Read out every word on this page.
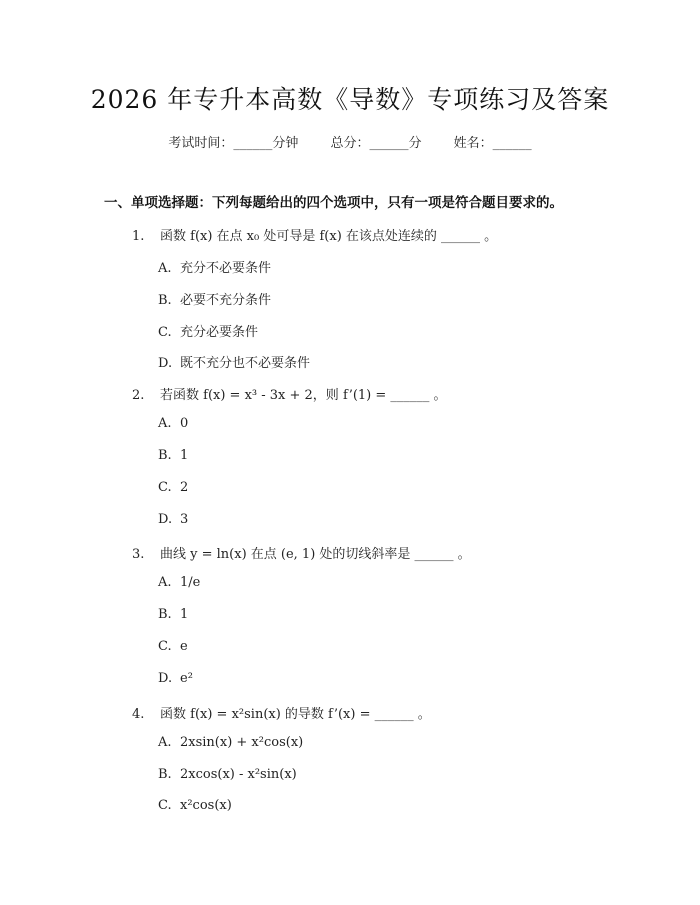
2026 年专升本高数《导数》专项练习及答案
考试时间：______分钟 总分：______分 姓名：______
一、单项选择题：下列每题给出的四个选项中，只有一项是符合题目要求的。
1. 函数 f(x) 在点 x₀ 处可导是 f(x) 在该点处连续的 ______ 。
A. 充分不必要条件
B. 必要不充分条件
C. 充分必要条件
D. 既不充分也不必要条件
2. 若函数 f(x) = x³ - 3x + 2，则 f’(1) = ______ 。
A. 0
B. 1
C. 2
D. 3
3. 曲线 y = ln(x) 在点 (e, 1) 处的切线斜率是 ______ 。
A. 1/e
B. 1
C. e
D. e²
4. 函数 f(x) = x²sin(x) 的导数 f’(x) = ______ 。
A. 2xsin(x) + x²cos(x)
B. 2xcos(x) - x²sin(x)
C. x²cos(x)
